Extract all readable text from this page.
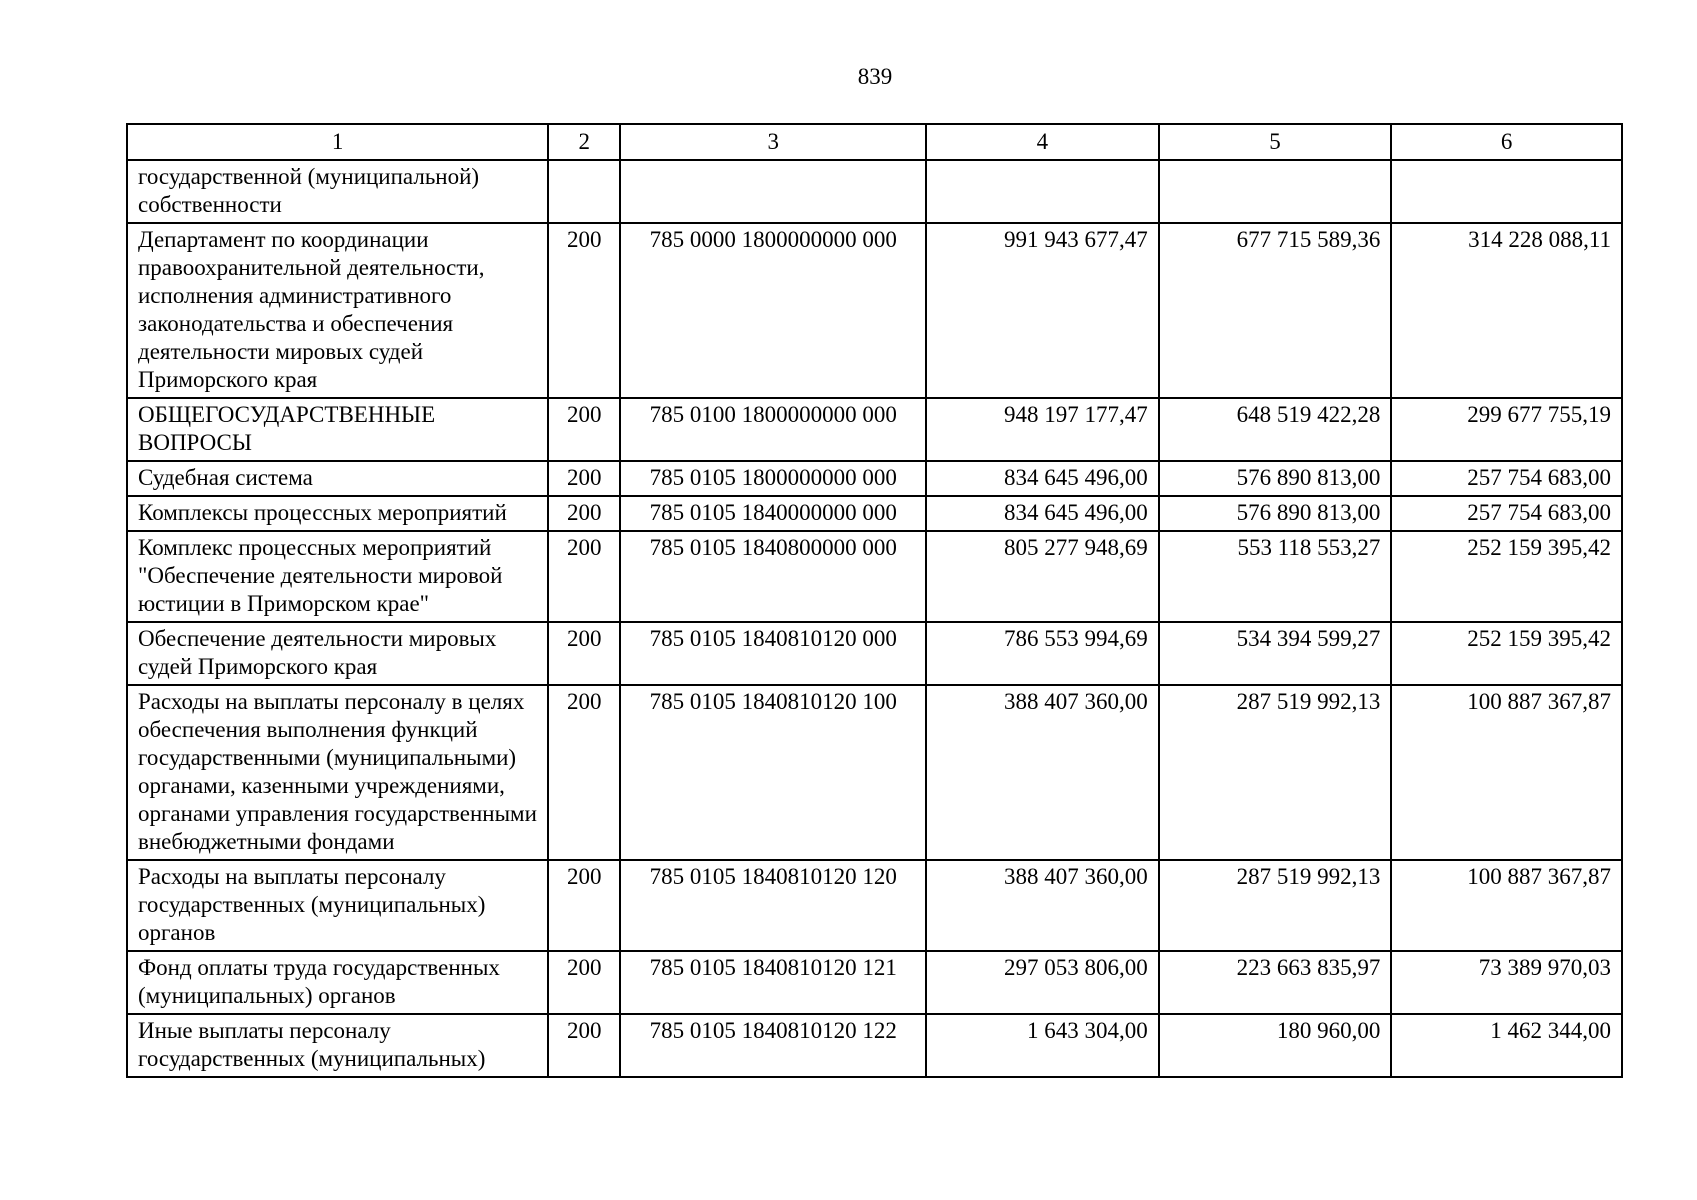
839
1	2	3	4	5	6
государственной (муниципальной) собственности					
Департамент по координации правоохранительной деятельности, исполнения административного законодательства и обеспечения деятельности мировых судей Приморского края	200	785 0000 1800000000 000	991 943 677,47	677 715 589,36	314 228 088,11
ОБЩЕГОСУДАРСТВЕННЫЕ ВОПРОСЫ	200	785 0100 1800000000 000	948 197 177,47	648 519 422,28	299 677 755,19
Судебная система	200	785 0105 1800000000 000	834 645 496,00	576 890 813,00	257 754 683,00
Комплексы процессных мероприятий	200	785 0105 1840000000 000	834 645 496,00	576 890 813,00	257 754 683,00
Комплекс процессных мероприятий "Обеспечение деятельности мировой юстиции в Приморском крае"	200	785 0105 1840800000 000	805 277 948,69	553 118 553,27	252 159 395,42
Обеспечение деятельности мировых судей Приморского края	200	785 0105 1840810120 000	786 553 994,69	534 394 599,27	252 159 395,42
Расходы на выплаты персоналу в целях обеспечения выполнения функций государственными (муниципальными) органами, казенными учреждениями, органами управления государственными внебюджетными фондами	200	785 0105 1840810120 100	388 407 360,00	287 519 992,13	100 887 367,87
Расходы на выплаты персоналу государственных (муниципальных) органов	200	785 0105 1840810120 120	388 407 360,00	287 519 992,13	100 887 367,87
Фонд оплаты труда государственных (муниципальных) органов	200	785 0105 1840810120 121	297 053 806,00	223 663 835,97	73 389 970,03
Иные выплаты персоналу государственных (муниципальных)	200	785 0105 1840810120 122	1 643 304,00	180 960,00	1 462 344,00
